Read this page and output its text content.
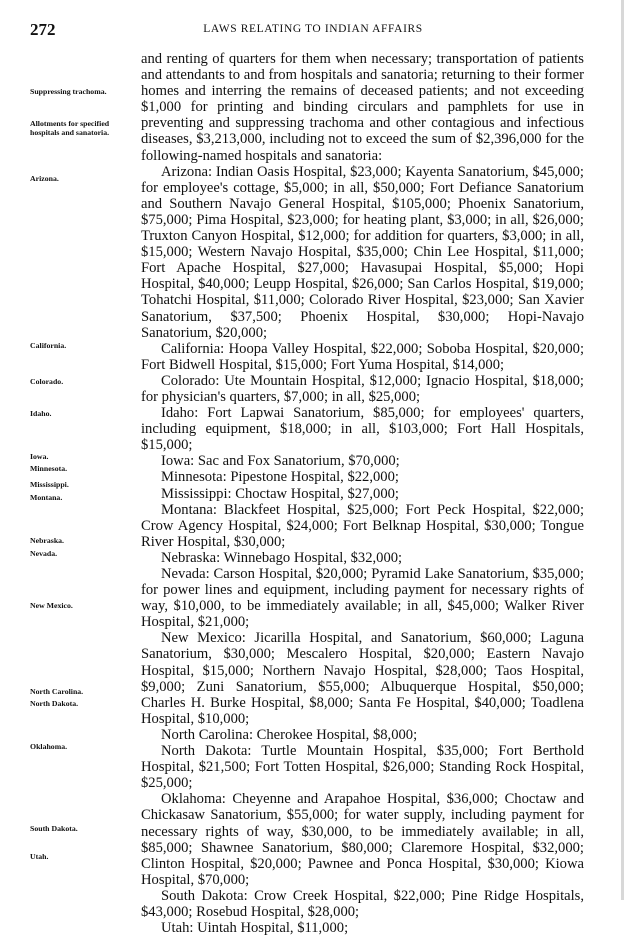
272	LAWS RELATING TO INDIAN AFFAIRS
Suppressing trachoma.
Allotments for specified hospitals and sanatoria.
Arizona.
California.
Colorado.
Idaho.
Iowa.
Minnesota.
Mississippi.
Montana.
Nebraska.
Nevada.
New Mexico.
North Carolina.
North Dakota.
Oklahoma.
South Dakota.
Utah.

and renting of quarters for them when necessary; transportation of patients and attendants to and from hospitals and sanatoria; returning to their former homes and interring the remains of deceased patients; and not exceeding $1,000 for printing and binding circulars and pamphlets for use in preventing and suppressing trachoma and other contagious and infectious diseases, $3,213,000, including not to exceed the sum of $2,396,000 for the following-named hospitals and sanatoria:

Arizona: Indian Oasis Hospital, $23,000; Kayenta Sanatorium, $45,000; for employee's cottage, $5,000; in all, $50,000; Fort Defiance Sanatorium and Southern Navajo General Hospital, $105,000; Phoenix Sanatorium, $75,000; Pima Hospital, $23,000; for heating plant, $3,000; in all, $26,000; Truxton Canyon Hospital, $12,000; for addition for quarters, $3,000; in all, $15,000; Western Navajo Hospital, $35,000; Chin Lee Hospital, $11,000; Fort Apache Hospital, $27,000; Havasupai Hospital, $5,000; Hopi Hospital, $40,000; Leupp Hospital, $26,000; San Carlos Hospital, $19,000; Tohatchi Hospital, $11,000; Colorado River Hospital, $23,000; San Xavier Sanatorium, $37,500; Phoenix Hospital, $30,000; Hopi-Navajo Sanatorium, $20,000;

California: Hoopa Valley Hospital, $22,000; Soboba Hospital, $20,000; Fort Bidwell Hospital, $15,000; Fort Yuma Hospital, $14,000;

Colorado: Ute Mountain Hospital, $12,000; Ignacio Hospital, $18,000; for physician's quarters, $7,000; in all, $25,000;

Idaho: Fort Lapwai Sanatorium, $85,000; for employees' quarters, including equipment, $18,000; in all, $103,000; Fort Hall Hospitals, $15,000;

Iowa: Sac and Fox Sanatorium, $70,000;

Minnesota: Pipestone Hospital, $22,000;

Mississippi: Choctaw Hospital, $27,000;

Montana: Blackfeet Hospital, $25,000; Fort Peck Hospital, $22,000; Crow Agency Hospital, $24,000; Fort Belknap Hospital, $30,000; Tongue River Hospital, $30,000;

Nebraska: Winnebago Hospital, $32,000;

Nevada: Carson Hospital, $20,000; Pyramid Lake Sanatorium, $35,000; for power lines and equipment, including payment for necessary rights of way, $10,000, to be immediately available; in all, $45,000; Walker River Hospital, $21,000;

New Mexico: Jicarilla Hospital, and Sanatorium, $60,000; Laguna Sanatorium, $30,000; Mescalero Hospital, $20,000; Eastern Navajo Hospital, $15,000; Northern Navajo Hospital, $28,000; Taos Hospital, $9,000; Zuni Sanatorium, $55,000; Albuquerque Hospital, $50,000; Charles H. Burke Hospital, $8,000; Santa Fe Hospital, $40,000; Toadlena Hospital, $10,000;

North Carolina: Cherokee Hospital, $8,000;

North Dakota: Turtle Mountain Hospital, $35,000; Fort Berthold Hospital, $21,500; Fort Totten Hospital, $26,000; Standing Rock Hospital, $25,000;

Oklahoma: Cheyenne and Arapahoe Hospital, $36,000; Choctaw and Chickasaw Sanatorium, $55,000; for water supply, including payment for necessary rights of way, $30,000, to be immediately available; in all, $85,000; Shawnee Sanatorium, $80,000; Claremore Hospital, $32,000; Clinton Hospital, $20,000; Pawnee and Ponca Hospital, $30,000; Kiowa Hospital, $70,000;

South Dakota: Crow Creek Hospital, $22,000; Pine Ridge Hospitals, $43,000; Rosebud Hospital, $28,000;

Utah: Uintah Hospital, $11,000;
